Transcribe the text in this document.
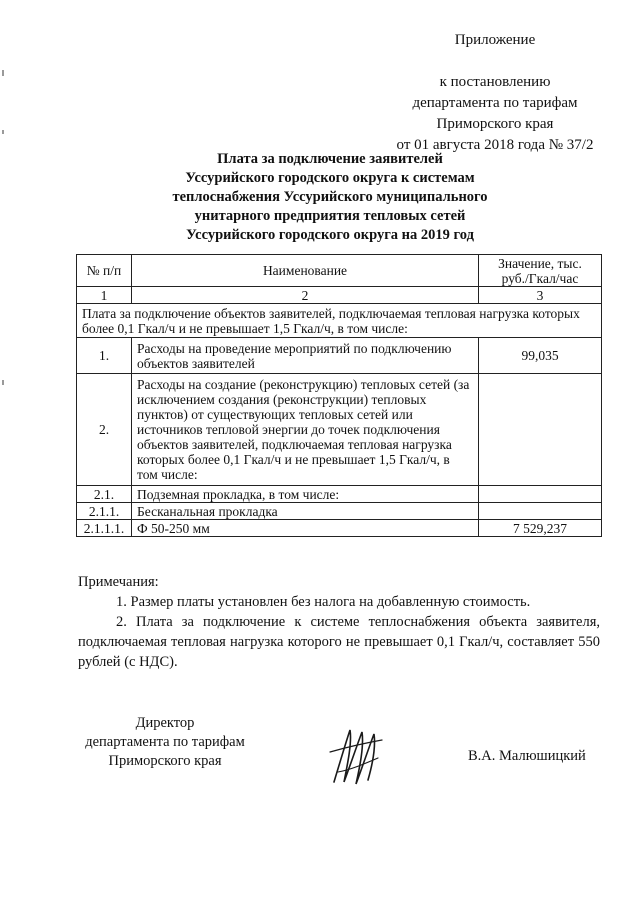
Приложение
к постановлению
департамента по тарифам
Приморского края
от 01 августа 2018 года № 37/2
Плата за подключение заявителей
Уссурийского городского округа к системам
теплоснабжения Уссурийского муниципального
унитарного предприятия тепловых сетей
Уссурийского городского округа на 2019 год
№ п/п	Наименование	Значение, тыс. руб./Гкал/час
1	2	3
Плата за подключение объектов заявителей, подключаемая тепловая нагрузка которых более 0,1 Гкал/ч и не превышает 1,5 Гкал/ч, в том числе:		
1.	Расходы на проведение мероприятий по подключению объектов заявителей	99,035
2.	Расходы на создание (реконструкцию) тепловых сетей (за исключением создания (реконструкции) тепловых пунктов) от существующих тепловых сетей или источников тепловой энергии до точек подключения объектов заявителей, подключаемая тепловая нагрузка которых более 0,1 Гкал/ч и не превышает 1,5 Гкал/ч, в том числе:	
2.1.	Подземная прокладка, в том числе:	
2.1.1.	Бесканальная прокладка	
2.1.1.1.	Ф 50-250 мм	7 529,237

Примечания:

1. Размер платы установлен без налога на добавленную стоимость.

2. Плата за подключение к системе теплоснабжения объекта заявителя, подключаемая тепловая нагрузка которого не превышает 0,1 Гкал/ч, составляет 550 рублей (с НДС).

Директор
департамента по тарифам
Приморского края	В.А. Малюшицкий
